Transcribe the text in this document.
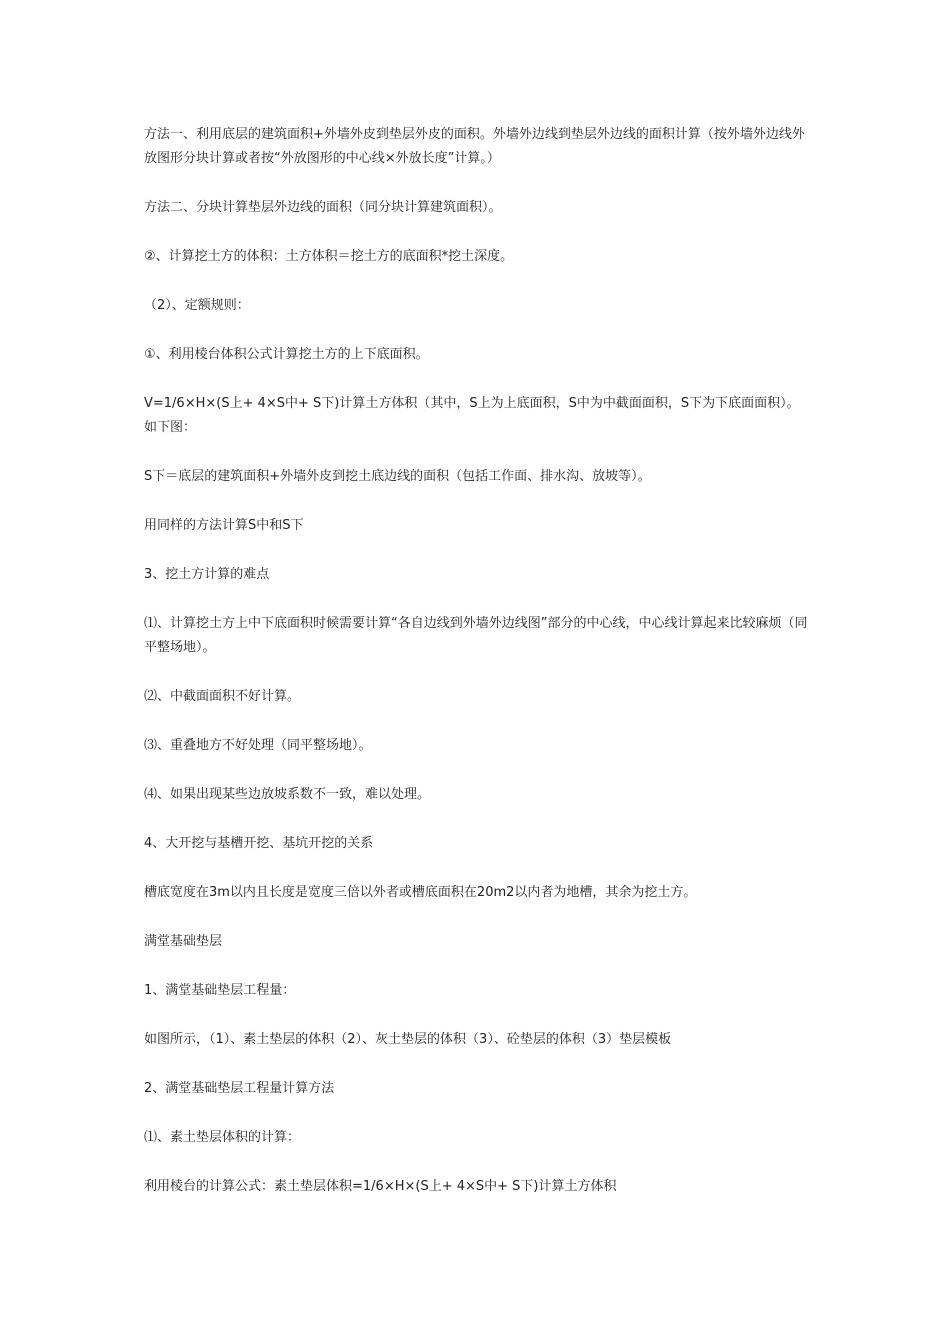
方法一、利用底层的建筑面积+外墙外皮到垫层外皮的面积。外墙外边线到垫层外边线的面积计算（按外墙外边线外放图形分块计算或者按“外放图形的中心线×外放长度”计算。）

方法二、分块计算垫层外边线的面积（同分块计算建筑面积）。

②、计算挖土方的体积：土方体积＝挖土方的底面积*挖土深度。

（2）、定额规则：

①、利用棱台体积公式计算挖土方的上下底面积。

V=1/6×H×(S上+ 4×S中+ S下)计算土方体积（其中，S上为上底面积，S中为中截面面积，S下为下底面面积）。如下图：

S下＝底层的建筑面积+外墙外皮到挖土底边线的面积（包括工作面、排水沟、放坡等）。

用同样的方法计算S中和S下

3、挖土方计算的难点

⑴、计算挖土方上中下底面积时候需要计算“各自边线到外墙外边线图”部分的中心线，中心线计算起来比较麻烦（同平整场地）。

⑵、中截面面积不好计算。

⑶、重叠地方不好处理（同平整场地）。

⑷、如果出现某些边放坡系数不一致，难以处理。

4、大开挖与基槽开挖、基坑开挖的关系

槽底宽度在3m以内且长度是宽度三倍以外者或槽底面积在20m2以内者为地槽，其余为挖土方。

满堂基础垫层

1、满堂基础垫层工程量：

如图所示，（1）、素土垫层的体积（2）、灰土垫层的体积（3）、砼垫层的体积（3）垫层模板

2、满堂基础垫层工程量计算方法

⑴、素土垫层体积的计算：

利用棱台的计算公式：素土垫层体积=1/6×H×(S上+ 4×S中+ S下)计算土方体积
